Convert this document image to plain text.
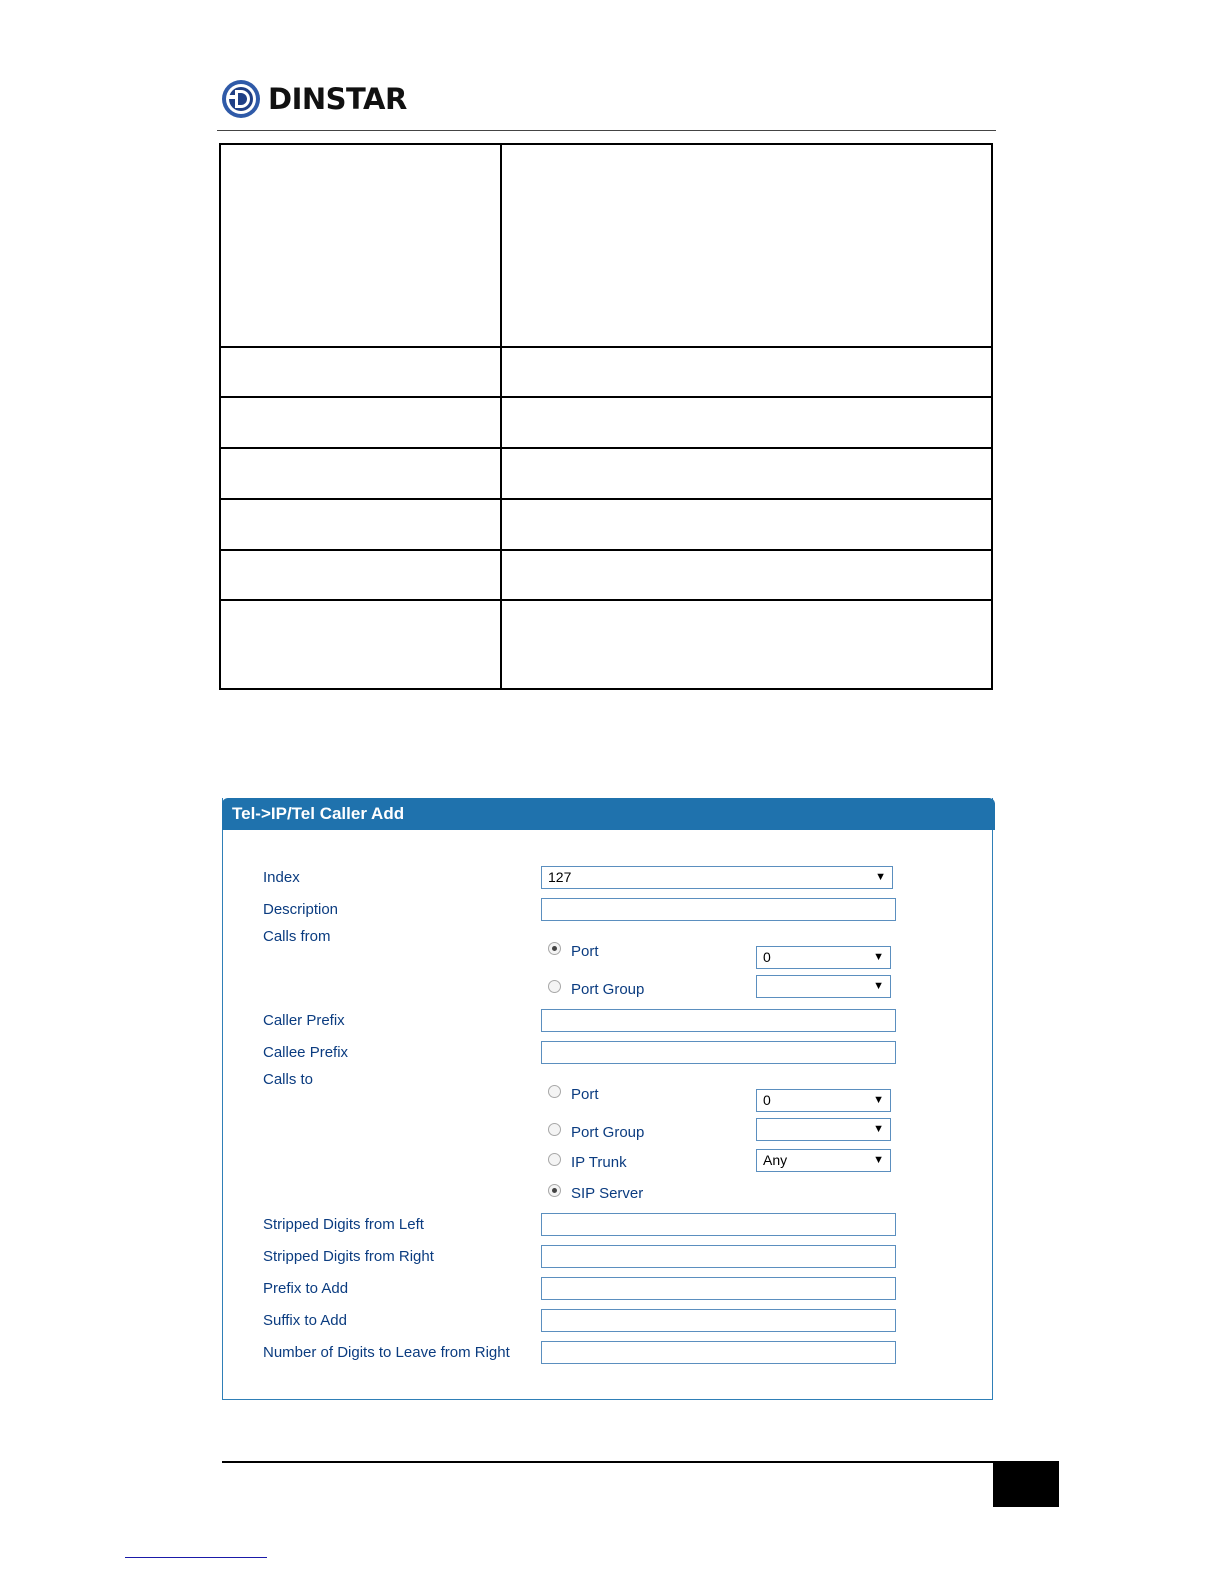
DINSTAR

Tel->IP/Tel Caller Add
Index	127	▼
Description
Calls from
Port	0	▼
Port Group	▼
Caller Prefix
Callee Prefix
Calls to
Port	0	▼
Port Group	▼
IP Trunk	Any	▼
SIP Server
Stripped Digits from Left
Stripped Digits from Right
Prefix to Add
Suffix to Add
Number of Digits to Leave from Right
